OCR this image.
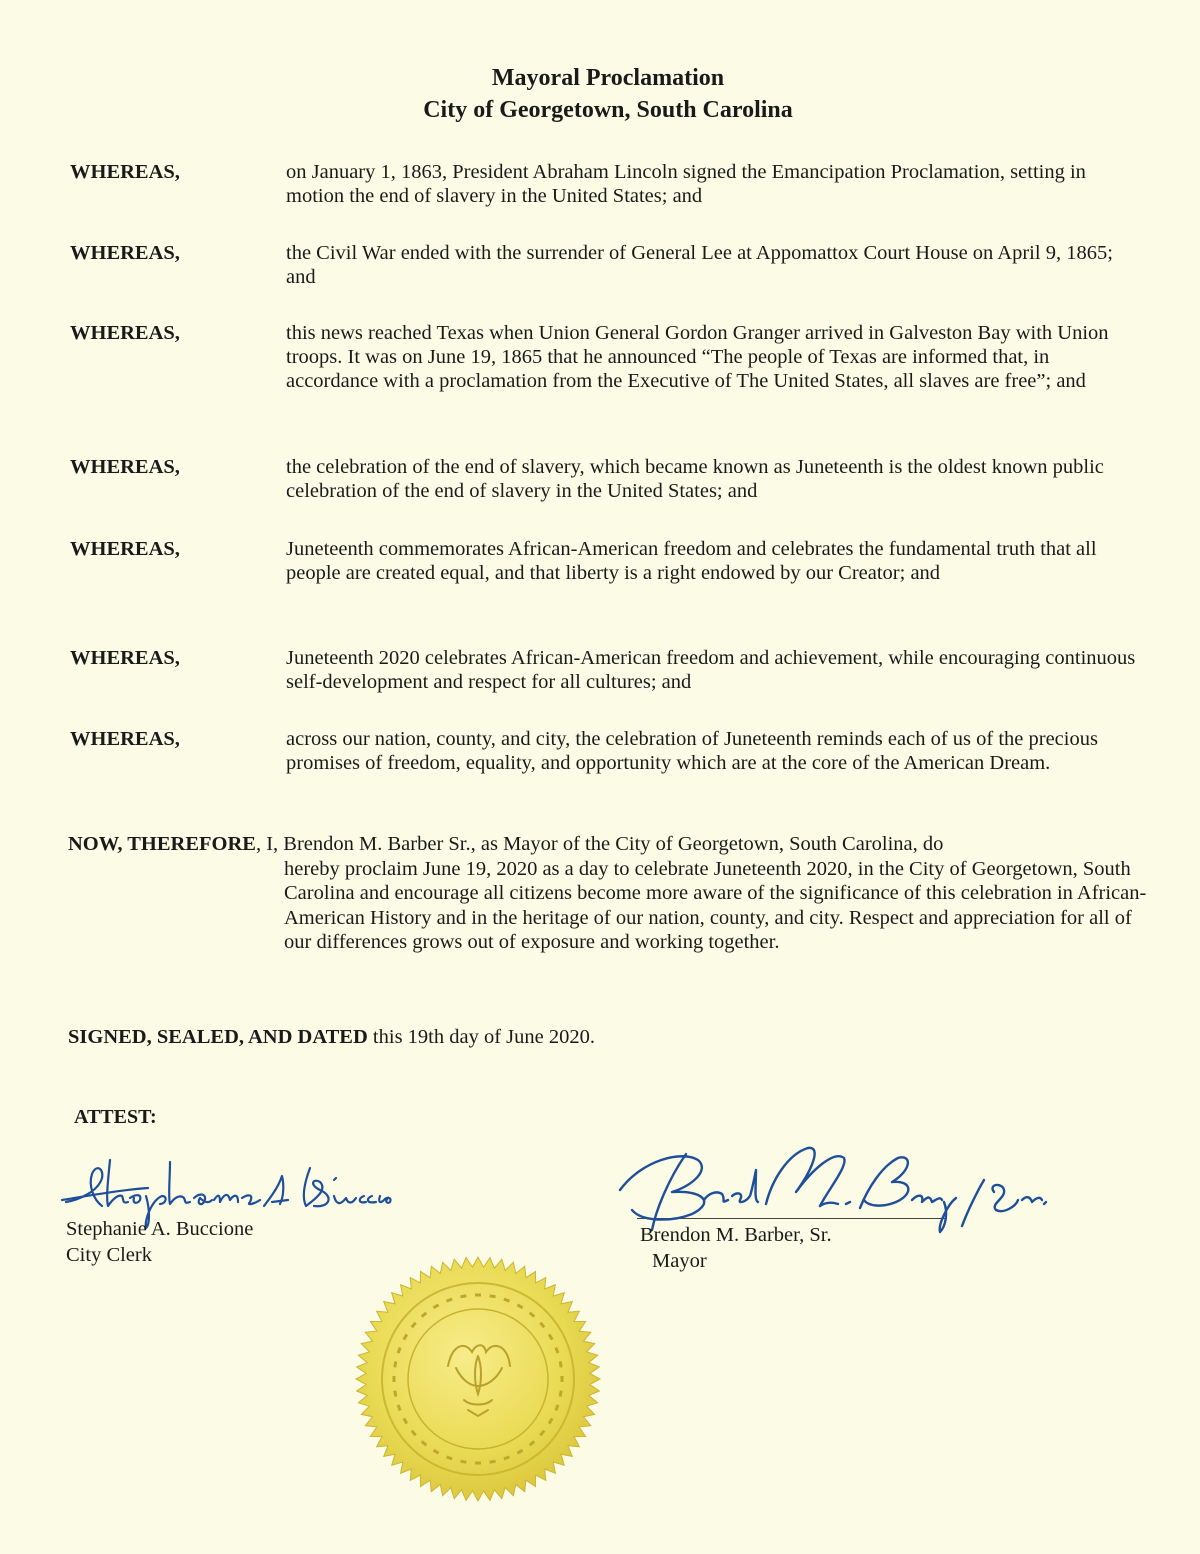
Mayoral Proclamation
City of Georgetown, South Carolina
WHEREAS,	on January 1, 1863, President Abraham Lincoln signed the Emancipation Proclamation, setting in motion the end of slavery in the United States; and
WHEREAS,	the Civil War ended with the surrender of General Lee at Appomattox Court House on April 9, 1865; and
WHEREAS,	this news reached Texas when Union General Gordon Granger arrived in Galveston Bay with Union troops. It was on June 19, 1865 that he announced “The people of Texas are informed that, in accordance with a proclamation from the Executive of The United States, all slaves are free”; and
WHEREAS,	the celebration of the end of slavery, which became known as Juneteenth is the oldest known public celebration of the end of slavery in the United States; and
WHEREAS,	Juneteenth commemorates African-American freedom and celebrates the fundamental truth that all people are created equal, and that liberty is a right endowed by our Creator; and
WHEREAS,	Juneteenth 2020 celebrates African-American freedom and achievement, while encouraging continuous self-development and respect for all cultures; and
WHEREAS,	across our nation, county, and city, the celebration of Juneteenth reminds each of us of the precious promises of freedom, equality, and opportunity which are at the core of the American Dream.
NOW, THEREFORE, I, Brendon M. Barber Sr., as Mayor of the City of Georgetown, South Carolina, do
hereby proclaim June 19, 2020 as a day to celebrate Juneteenth 2020, in the City of Georgetown, South Carolina and encourage all citizens become more aware of the significance of this celebration in African-American History and in the heritage of our nation, county, and city. Respect and appreciation for all of our differences grows out of exposure and working together.
SIGNED, SEALED, AND DATED this 19th day of June 2020.
ATTEST:
Stephanie A. Buccione
City Clerk
Brendon M. Barber, Sr.
Mayor
